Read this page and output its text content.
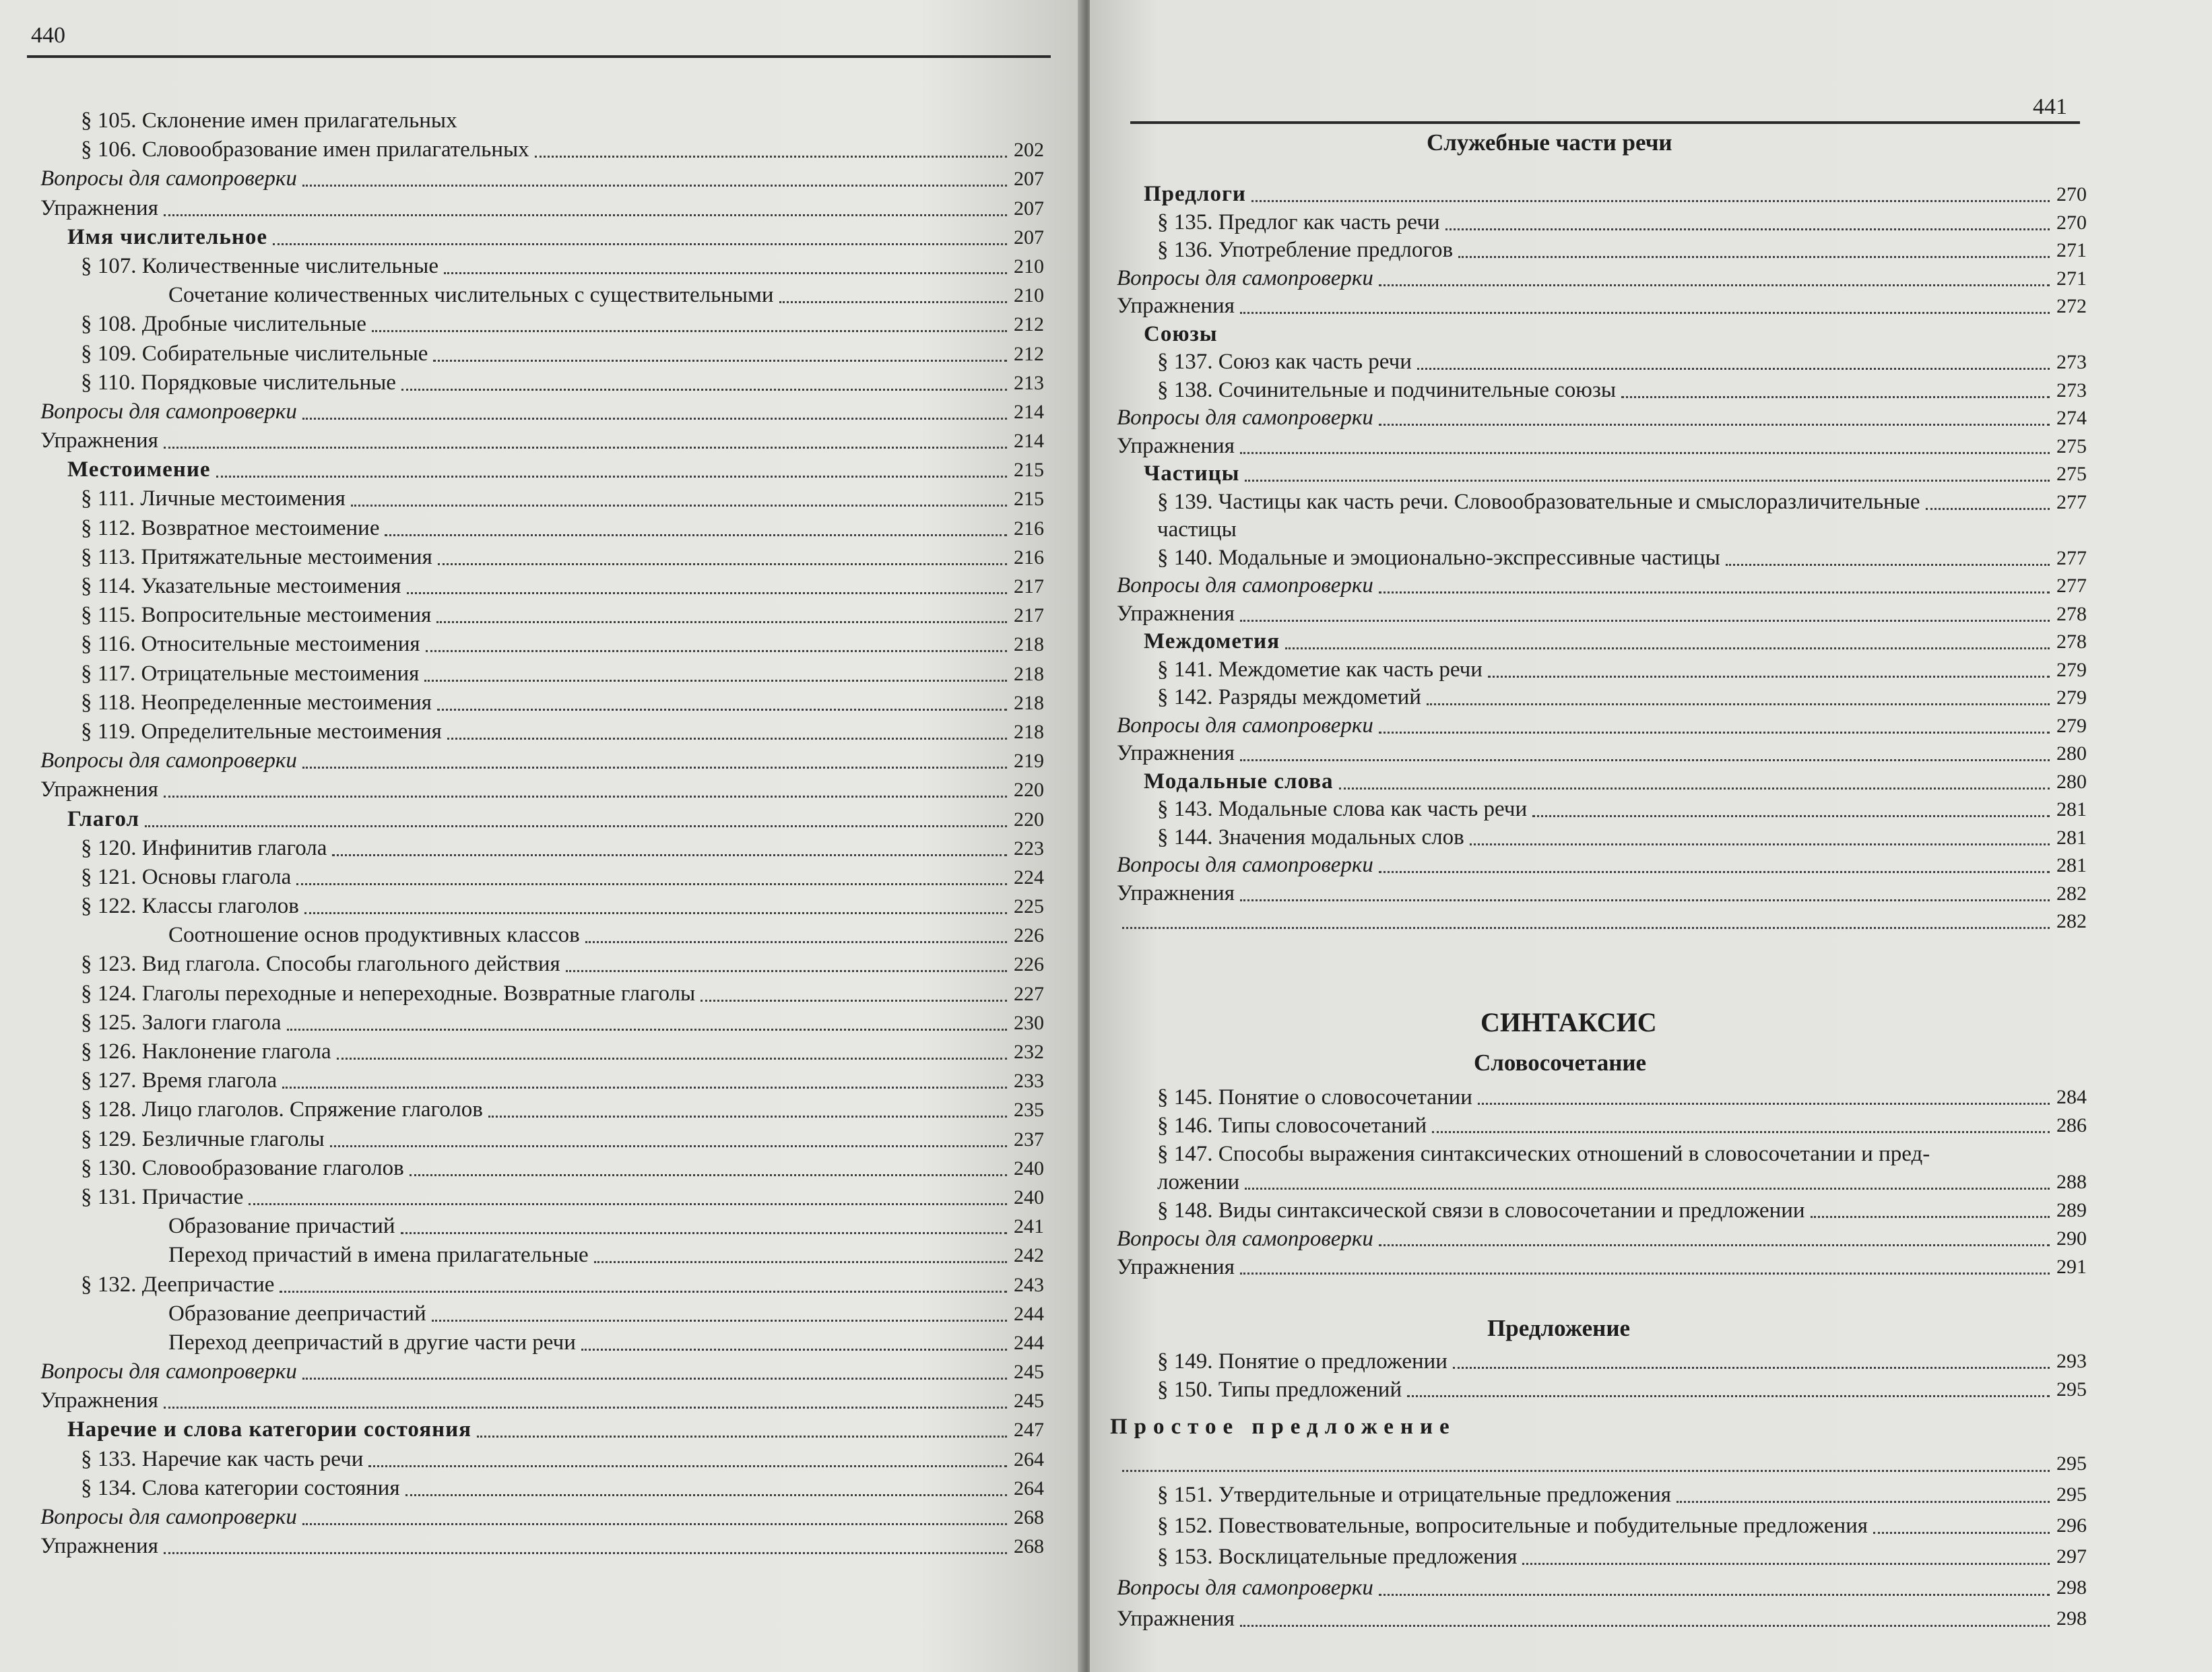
440
§ 105. Склонение имен прилагательных
§ 106. Словообразование имен прилагательных	202
Вопросы для самопроверки	207
Упражнения	207
Имя числительное	207
§ 107. Количественные числительные	210
Сочетание количественных числительных с существительными	210
§ 108. Дробные числительные	212
§ 109. Собирательные числительные	212
§ 110. Порядковые числительные	213
Вопросы для самопроверки	214
Упражнения	214
Местоимение	215
§ 111. Личные местоимения	215
§ 112. Возвратное местоимение	216
§ 113. Притяжательные местоимения	216
§ 114. Указательные местоимения	217
§ 115. Вопросительные местоимения	217
§ 116. Относительные местоимения	218
§ 117. Отрицательные местоимения	218
§ 118. Неопределенные местоимения	218
§ 119. Определительные местоимения	218
Вопросы для самопроверки	219
Упражнения	220
Глагол	220
§ 120. Инфинитив глагола	223
§ 121. Основы глагола	224
§ 122. Классы глаголов	225
Соотношение основ продуктивных классов	226
§ 123. Вид глагола. Способы глагольного действия	226
§ 124. Глаголы переходные и непереходные. Возвратные глаголы	227
§ 125. Залоги глагола	230
§ 126. Наклонение глагола	232
§ 127. Время глагола	233
§ 128. Лицо глаголов. Спряжение глаголов	235
§ 129. Безличные глаголы	237
§ 130. Словообразование глаголов	240
§ 131. Причастие	240
Образование причастий	241
Переход причастий в имена прилагательные	242
§ 132. Деепричастие	243
Образование деепричастий	244
Переход деепричастий в другие части речи	244
Вопросы для самопроверки	245
Упражнения	245
Наречие и слова категории состояния	247
§ 133. Наречие как часть речи	264
§ 134. Слова категории состояния	264
Вопросы для самопроверки	268
Упражнения	268
441
Служебные части речи
Предлоги	270
§ 135. Предлог как часть речи	270
§ 136. Употребление предлогов	271
Вопросы для самопроверки	271
Упражнения	272
Союзы
§ 137. Союз как часть речи	273
§ 138. Сочинительные и подчинительные союзы	273
Вопросы для самопроверки	274
Упражнения	275
Частицы	275
§ 139. Частицы как часть речи. Словообразовательные и смыслоразличительные	277
частицы
§ 140. Модальные и эмоционально-экспрессивные частицы	277
Вопросы для самопроверки	277
Упражнения	278
Междометия	278
§ 141. Междометие как часть речи	279
§ 142. Разряды междометий	279
Вопросы для самопроверки	279
Упражнения	280
Модальные слова	280
§ 143. Модальные слова как часть речи	281
§ 144. Значения модальных слов	281
Вопросы для самопроверки	281
Упражнения	282
282
СИНТАКСИС
Словосочетание
§ 145. Понятие о словосочетании	284
§ 146. Типы словосочетаний	286
§ 147. Способы выражения синтаксических отношений в словосочетании и пред-
ложении	288
§ 148. Виды синтаксической связи в словосочетании и предложении	289
Вопросы для самопроверки	290
Упражнения	291
Предложение
§ 149. Понятие о предложении	293
§ 150. Типы предложений	295
Простое предложение
295
§ 151. Утвердительные и отрицательные предложения	295
§ 152. Повествовательные, вопросительные и побудительные предложения	296
§ 153. Восклицательные предложения	297
Вопросы для самопроверки	298
Упражнения	298
